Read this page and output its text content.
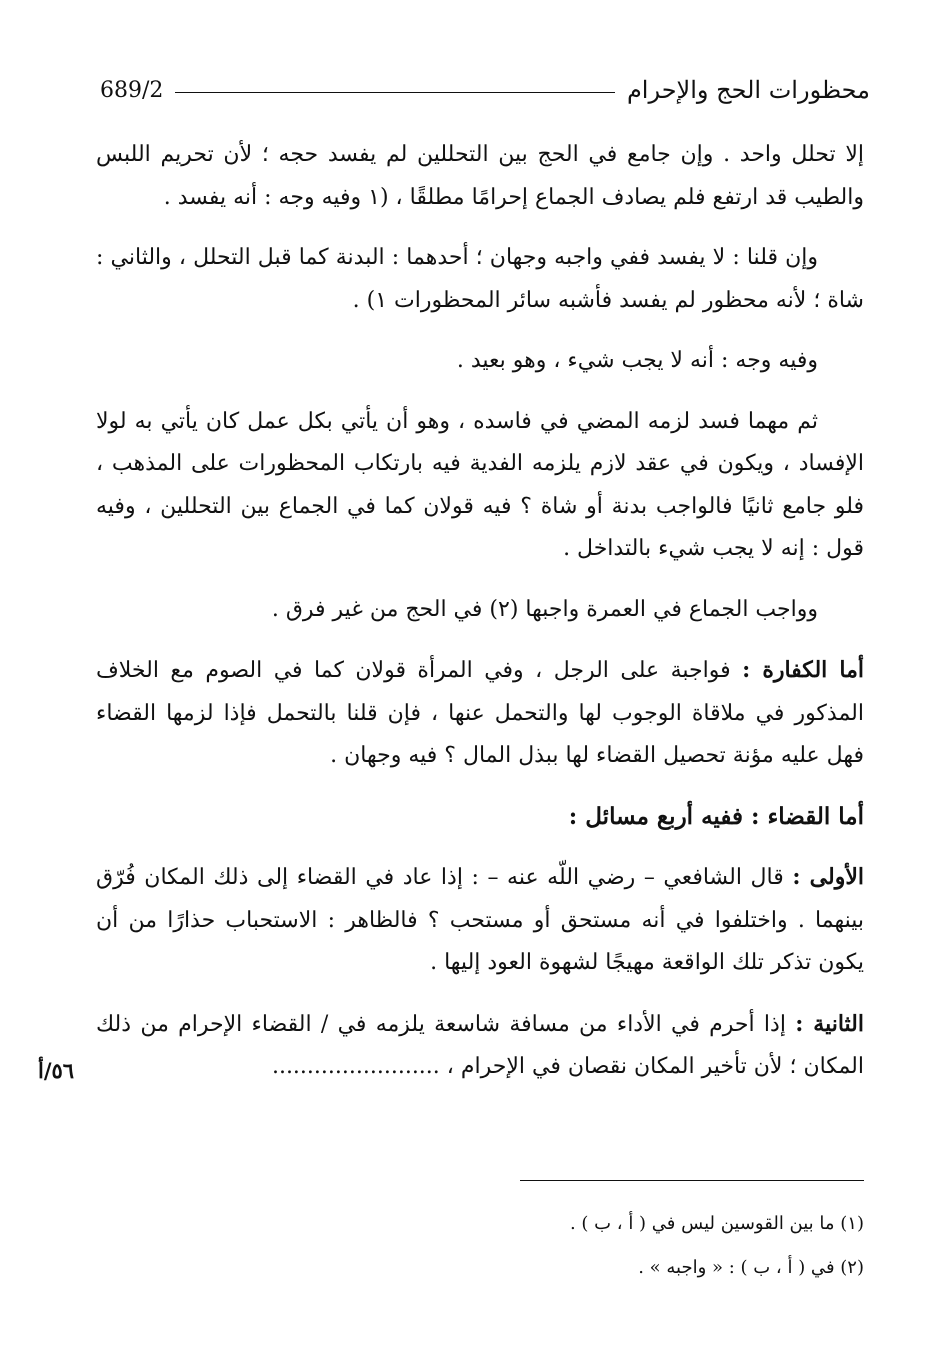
محظورات الحج والإحرام
689/2

إلا تحلل واحد . وإن جامع في الحج بين التحللين لم يفسد حجه ؛ لأن تحريم اللبس والطيب قد ارتفع فلم يصادف الجماع إحرامًا مطلقًا ، (١ وفيه وجه : أنه يفسد .

وإن قلنا : لا يفسد ففي واجبه وجهان ؛ أحدهما : البدنة كما قبل التحلل ، والثاني : شاة ؛ لأنه محظور لم يفسد فأشبه سائر المحظورات ١) .

وفيه وجه : أنه لا يجب شيء ، وهو بعيد .

ثم مهما فسد لزمه المضي في فاسده ، وهو أن يأتي بكل عمل كان يأتي به لولا الإفساد ، ويكون في عقد لازم يلزمه الفدية فيه بارتكاب المحظورات على المذهب ، فلو جامع ثانيًا فالواجب بدنة أو شاة ؟ فيه قولان كما في الجماع بين التحللين ، وفيه قول : إنه لا يجب شيء بالتداخل .

وواجب الجماع في العمرة واجبها (٢) في الحج من غير فرق .

أما الكفارة : فواجبة على الرجل ، وفي المرأة قولان كما في الصوم مع الخلاف المذكور في ملاقاة الوجوب لها والتحمل عنها ، فإن قلنا بالتحمل فإذا لزمها القضاء فهل عليه مؤنة تحصيل القضاء لها ببذل المال ؟ فيه وجهان .

أما القضاء : ففيه أربع مسائل :

الأولى : قال الشافعي – رضي اللّه عنه – : إذا عاد في القضاء إلى ذلك المكان فُرّق بينهما . واختلفوا في أنه مستحق أو مستحب ؟ فالظاهر : الاستحباب حذارًا من أن يكون تذكر تلك الواقعة مهيجًا لشهوة العود إليها .

الثانية : إذا أحرم في الأداء من مسافة شاسعة يلزمه في / القضاء الإحرام من ذلك المكان ؛ لأن تأخير المكان نقصان في الإحرام ، ........................

٥٦/أ
(١) ما بين القوسين ليس في ( أ ، ب ) .
(٢) في ( أ ، ب ) : « واجبه » .
